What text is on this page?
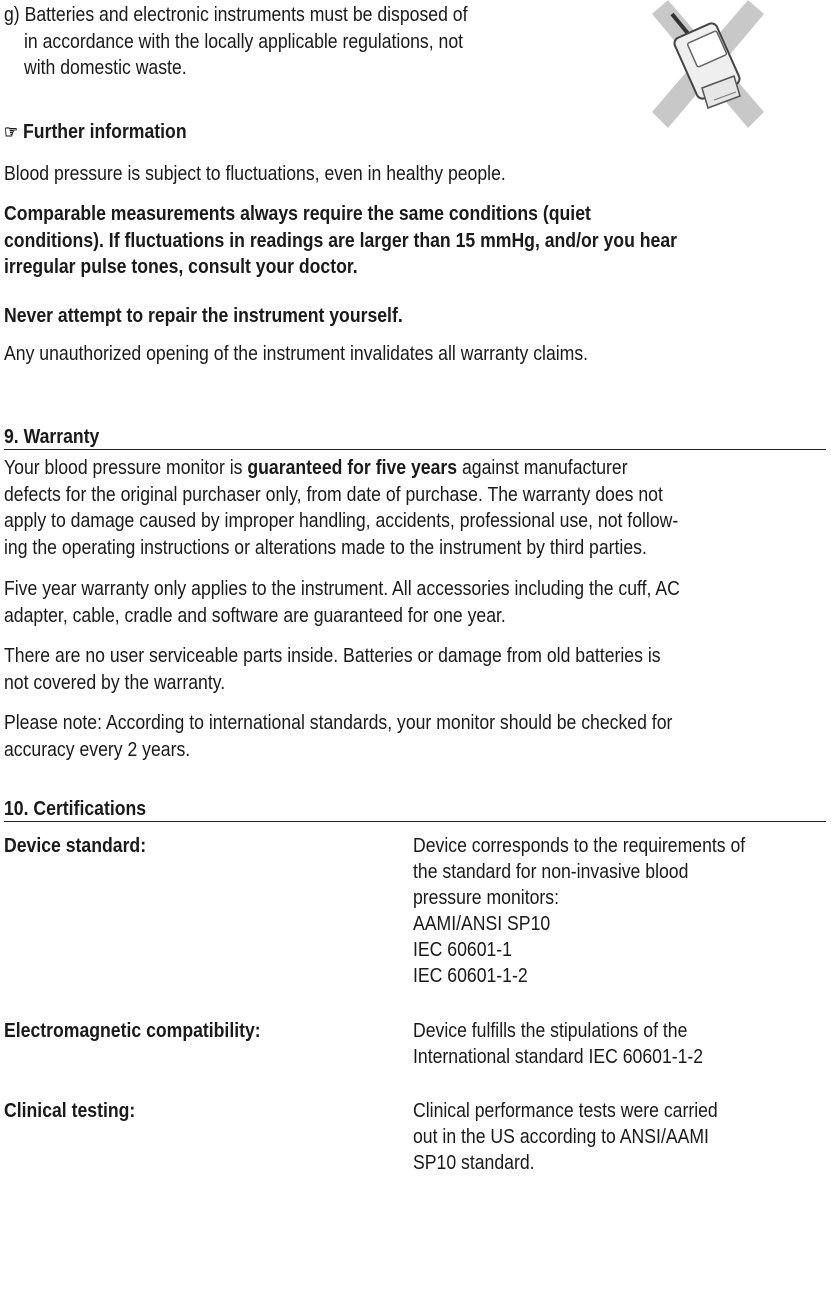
g) Batteries and electronic instruments must be disposed of
in accordance with the locally applicable regulations, not
with domestic waste.
☞ Further information
Blood pressure is subject to fluctuations, even in healthy people.
Comparable measurements always require the same conditions (quiet
conditions). If fluctuations in readings are larger than 15 mmHg, and/or you hear
irregular pulse tones, consult your doctor.
Never attempt to repair the instrument yourself.
Any unauthorized opening of the instrument invalidates all warranty claims.
9. Warranty
Your blood pressure monitor is guaranteed for five years against manufacturer
defects for the original purchaser only, from date of purchase. The warranty does not
apply to damage caused by improper handling, accidents, professional use, not follow-
ing the operating instructions or alterations made to the instrument by third parties.
Five year warranty only applies to the instrument. All accessories including the cuff, AC
adapter, cable, cradle and software are guaranteed for one year.
There are no user serviceable parts inside. Batteries or damage from old batteries is
not covered by the warranty.
Please note: According to international standards, your monitor should be checked for
accuracy every 2 years.
10. Certifications
Device standard:	Device corresponds to the requirements of
the standard for non-invasive blood
pressure monitors:
AAMI/ANSI SP10
IEC 60601-1
IEC 60601-1-2
Electromagnetic compatibility:	Device fulfills the stipulations of the
International standard IEC 60601-1-2
Clinical testing:	Clinical performance tests were carried
out in the US according to ANSI/AAMI
SP10 standard.
